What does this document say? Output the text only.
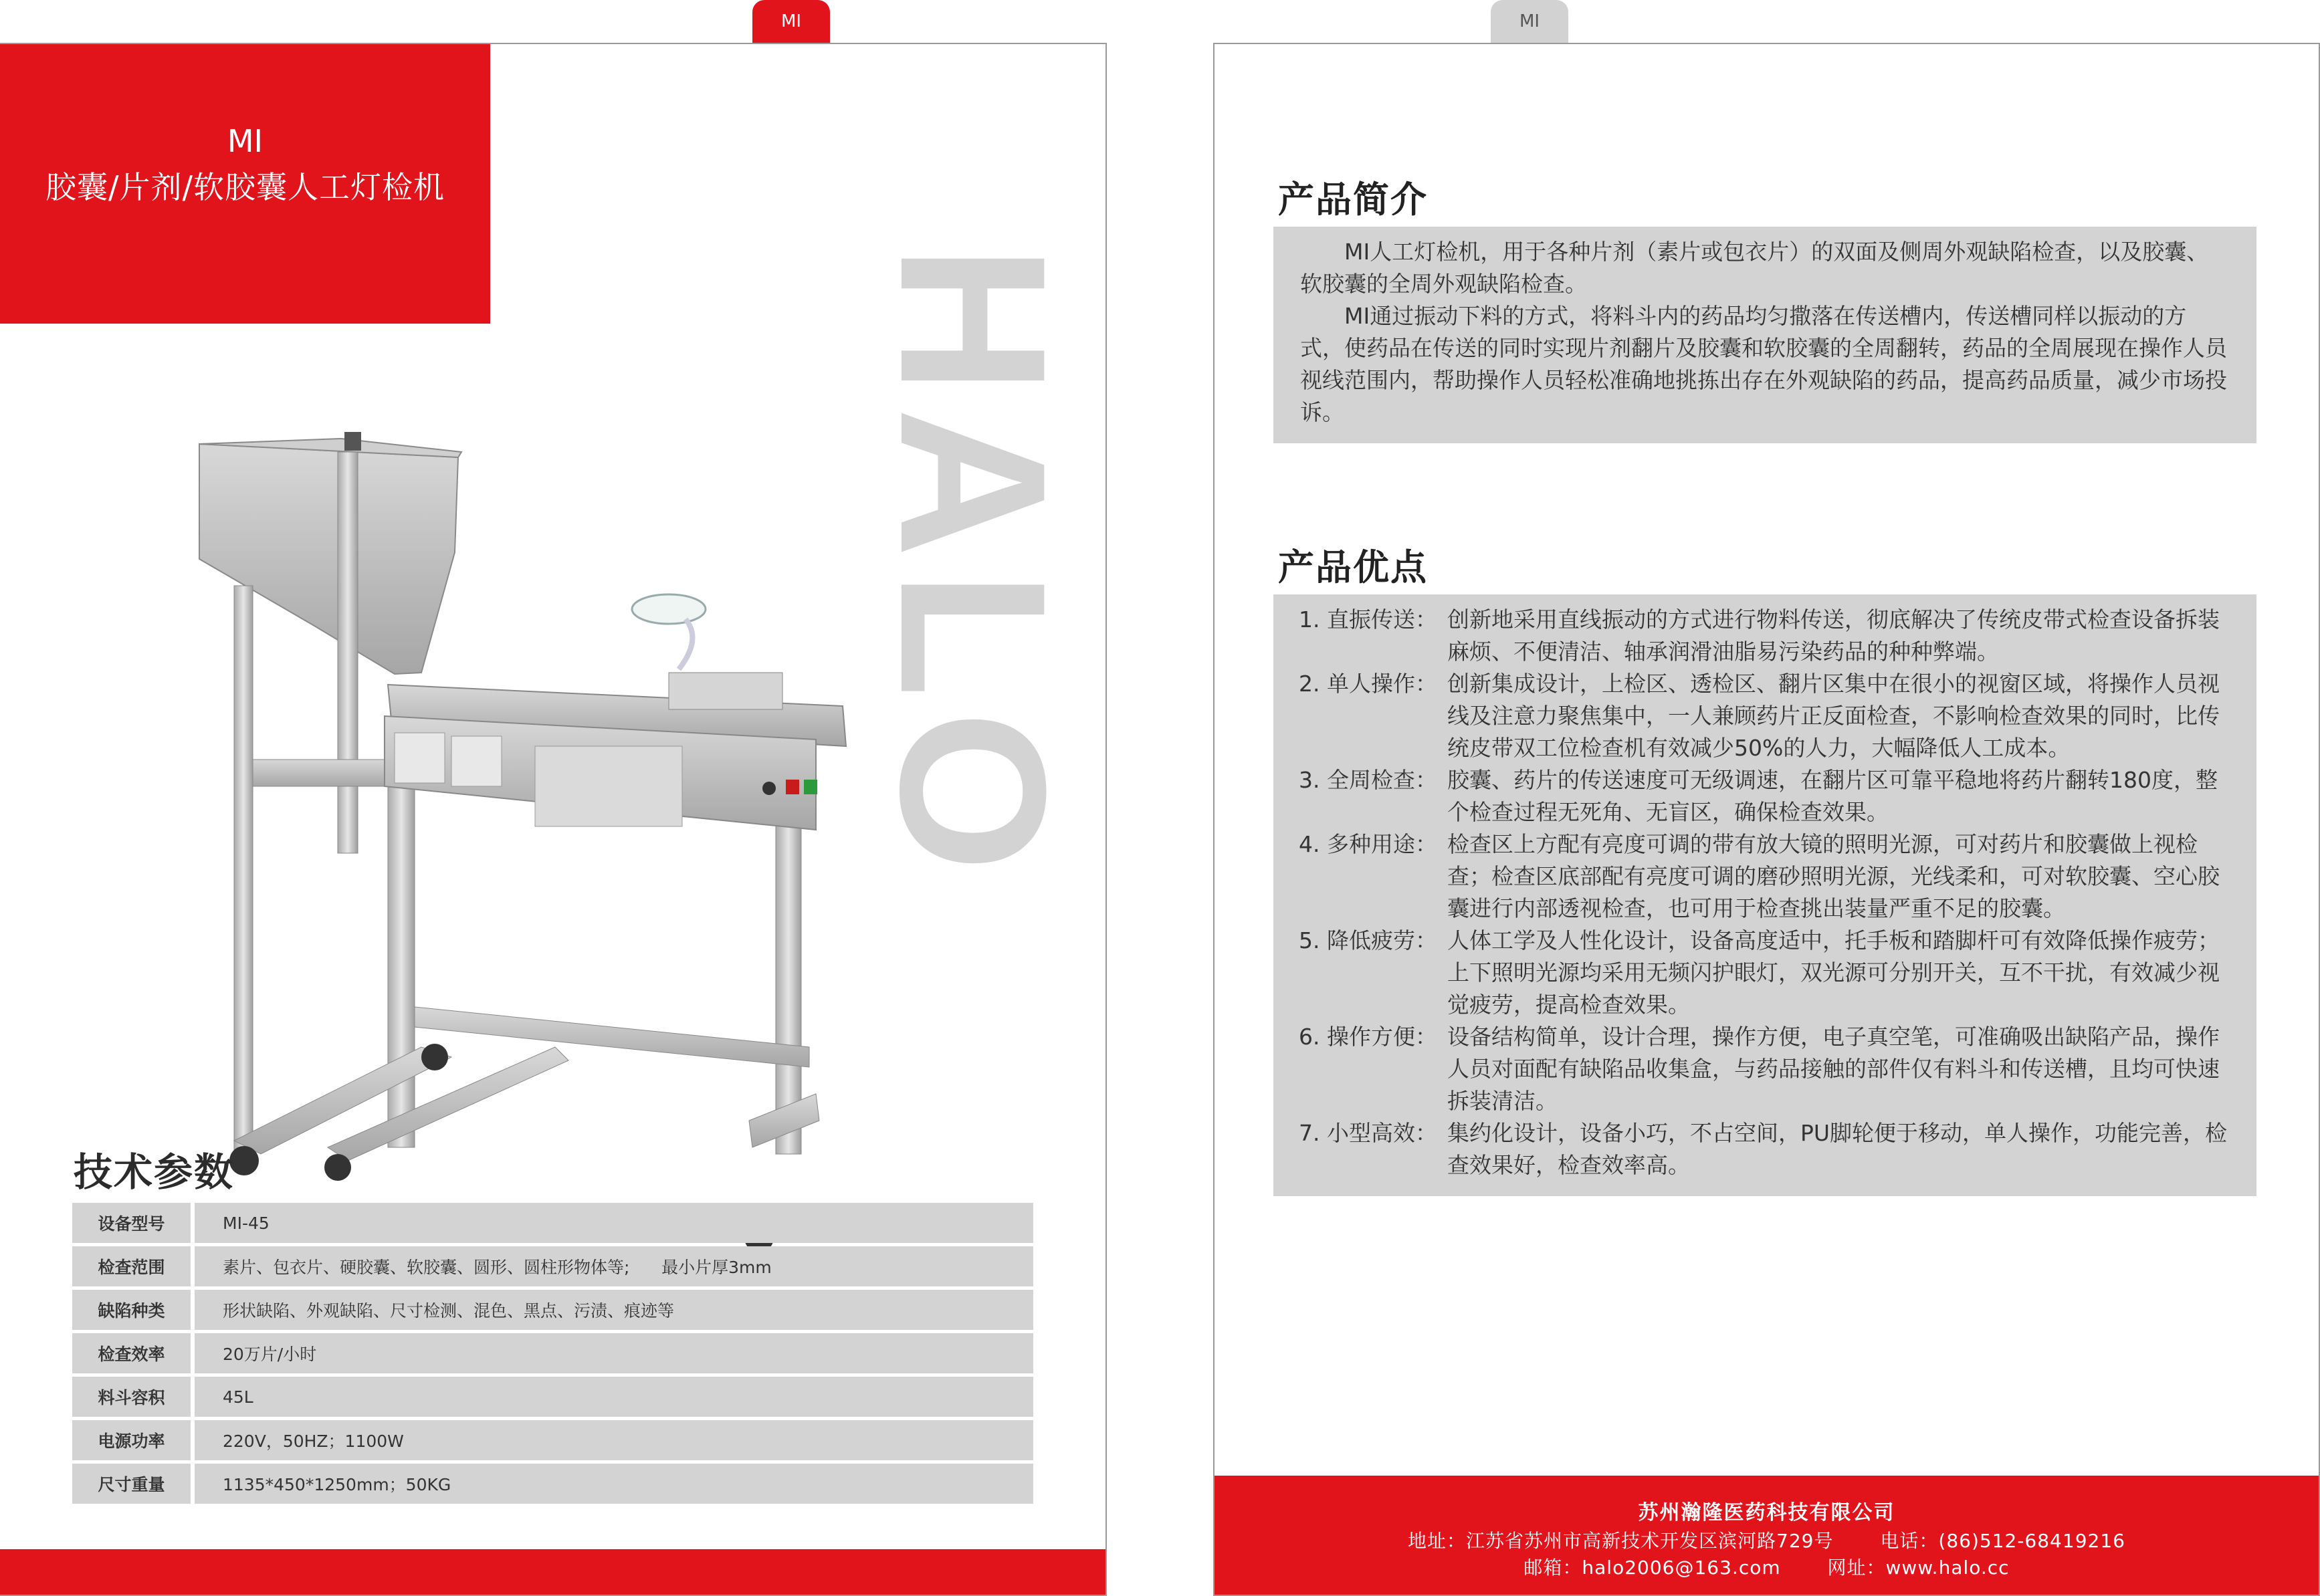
MI	MI
MI
胶囊/片剂/软胶囊人工灯检机
HALO
技术参数
设备型号	MI-45
检查范围	素片、包衣片、硬胶囊、软胶囊、圆形、圆柱形物体等;      最小片厚3mm
缺陷种类	形状缺陷、外观缺陷、尺寸检测、混色、黑点、污渍、痕迹等
检查效率	20万片/小时
料斗容积	45L
电源功率	220V，50HZ；1100W
尺寸重量	1135*450*1250mm；50KG
产品简介

MI人工灯检机，用于各种片剂（素片或包衣片）的双面及侧周外观缺陷检查，以及胶囊、软胶囊的全周外观缺陷检查。

MI通过振动下料的方式，将料斗内的药品均匀撒落在传送槽内，传送槽同样以振动的方式，使药品在传送的同时实现片剂翻片及胶囊和软胶囊的全周翻转，药品的全周展现在操作人员视线范围内，帮助操作人员轻松准确地挑拣出存在外观缺陷的药品，提高药品质量，减少市场投诉。

产品优点
1. 直振传送： 创新地采用直线振动的方式进行物料传送，彻底解决了传统皮带式检查设备拆装麻烦、不便清洁、轴承润滑油脂易污染药品的种种弊端。
2. 单人操作： 创新集成设计，上检区、透检区、翻片区集中在很小的视窗区域，将操作人员视线及注意力聚焦集中，一人兼顾药片正反面检查，不影响检查效果的同时，比传统皮带双工位检查机有效减少50%的人力，大幅降低人工成本。
3. 全周检查： 胶囊、药片的传送速度可无级调速，在翻片区可靠平稳地将药片翻转180度，整个检查过程无死角、无盲区，确保检查效果。
4. 多种用途： 检查区上方配有亮度可调的带有放大镜的照明光源，可对药片和胶囊做上视检查；检查区底部配有亮度可调的磨砂照明光源，光线柔和，可对软胶囊、空心胶囊进行内部透视检查，也可用于检查挑出装量严重不足的胶囊。
5. 降低疲劳： 人体工学及人性化设计，设备高度适中，托手板和踏脚杆可有效降低操作疲劳；上下照明光源均采用无频闪护眼灯，双光源可分别开关，互不干扰，有效减少视觉疲劳，提高检查效果。
6. 操作方便： 设备结构简单，设计合理，操作方便，电子真空笔，可准确吸出缺陷产品，操作人员对面配有缺陷品收集盒，与药品接触的部件仅有料斗和传送槽，且均可快速拆装清洁。
7. 小型高效： 集约化设计，设备小巧，不占空间，PU脚轮便于移动，单人操作，功能完善，检查效果好，检查效率高。
苏州瀚隆医药科技有限公司
地址：江苏省苏州市高新技术开发区滨河路729号 电话：(86)512-68419216
邮箱：halo2006@163.com 网址：www.halo.cc
